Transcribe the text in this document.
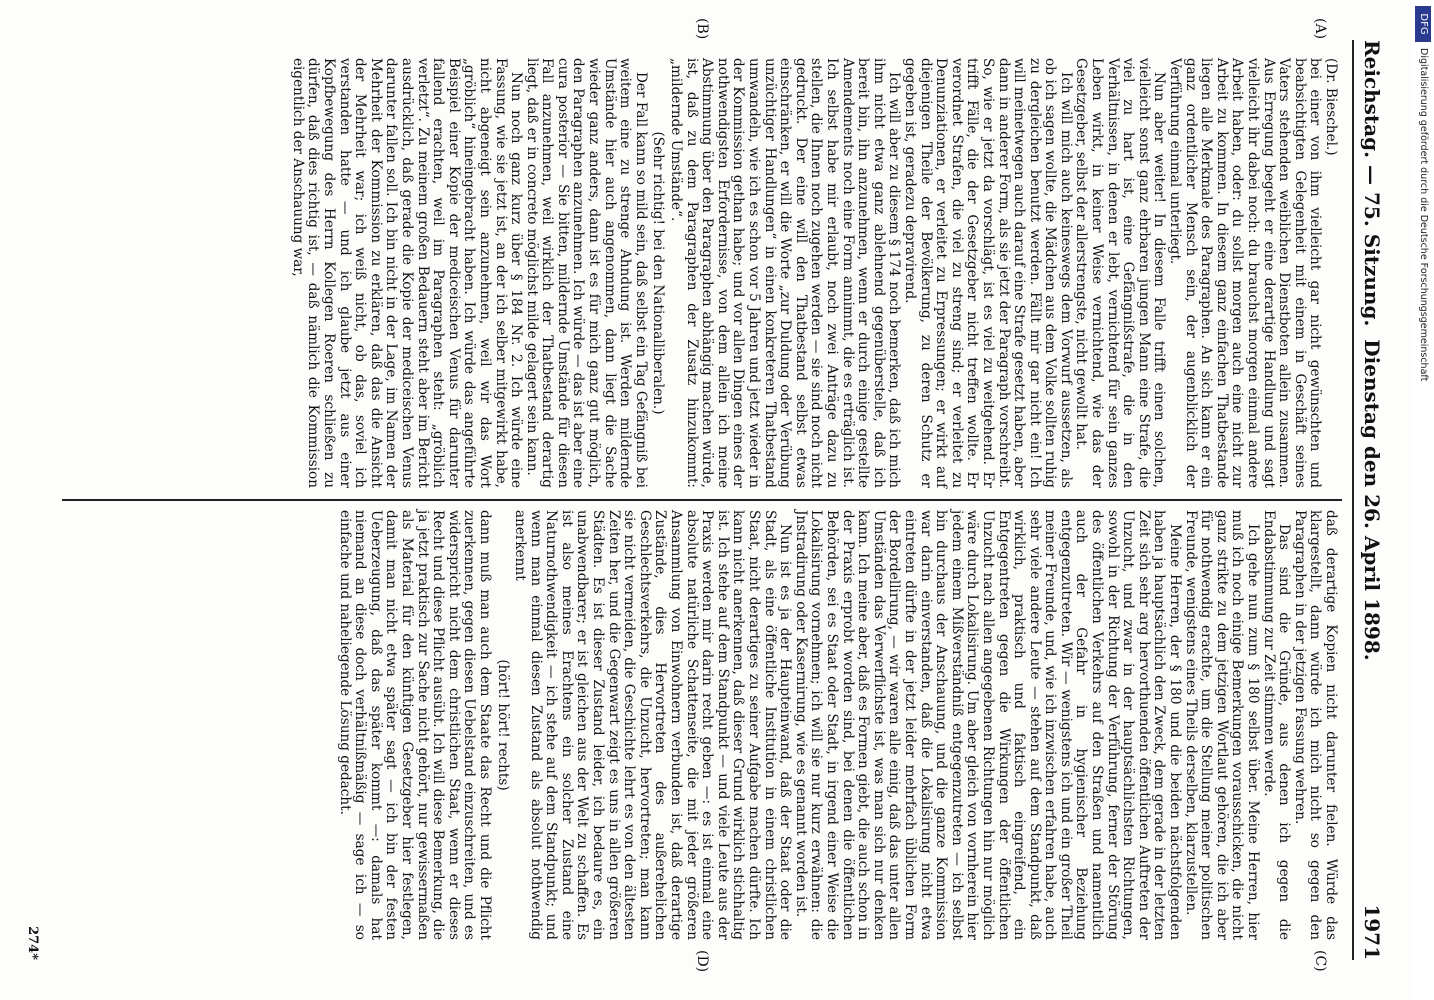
Reichstag. — 75. Sitzung.
Dienstag den 26. April 1898.
1971
(A)
(B)
(C)
(D)

(Dr. Bieschel.)

bei einer von ihm vielleicht gar nicht gewünschten und beabsichtigten Gelegenheit mit einem in Geschäft seines Vaters stehenden weiblichen Dienstboten allein zusammen. Aus Erregung begeht er eine derartige Handlung und sagt vielleicht ihr dabei noch: du brauchst morgen einmal andere Arbeit haben, oder: du sollst morgen auch eine nicht zur Arbeit zu kommen. In diesem ganz einfachen Thatbestande liegen alle Merkmale des Paragraphen. An sich kann er ein ganz ordentlicher Mensch sein, der augenblicklich der Verführung einmal unterliegt.

Nun aber weiter! In diesem Falle trifft einen solchen, vielleicht sonst ganz ehrbaren jungen Mann eine Strafe, die viel zu hart ist, eine Gefängnißstrafe, die in den Verhältnissen, in denen er lebt, vernichtend für sein ganzes Leben wirkt, in keiner Weise vernichtend, wie das der Gesetzgeber, selbst der allerstrengste, nicht gewollt hat.

Ich will mich auch keineswegs dem Vorwurf aussetzen, als ob ich sagen wollte, die Mädchen aus dem Volke sollten ruhig zu dergleichen benutzt werden. Fällt mir gar nicht ein! Ich will meinetwegen auch darauf eine Strafe gesetzt haben, aber dann in anderer Form, als sie jetzt der Paragraph vorschreibt. So, wie er jetzt da vorschlägt, ist es viel zu weitgehend. Er trifft Fälle, die der Gesetzgeber nicht treffen wollte. Er verordnet Strafen, die viel zu streng sind; er verleitet zu Denunziationen, er verleitet zu Erpressungen; er wirkt auf diejenigen Theile der Bevölkerung, zu deren Schutz er gegeben ist, geradezu depravirend.

Ich will aber zu diesem § 174 noch bemerken, daß ich mich ihm nicht etwa ganz ablehnend gegenüberstelle, daß ich bereit bin, ihn anzunehmen, wenn er durch einige gestellte Amendements noch eine Form annimmt, die es erträglich ist. Ich selbst habe mir erlaubt, noch zwei Anträge dazu zu stellen, die Ihnen noch zugehen werden — sie sind noch nicht gedruckt. Der eine will den Thatbestand selbst etwas einschränken, er will die Worte „zur Duldung oder Verübung unzüchtiger Handlungen“ in einen konkreteren Thatbestand umwandeln, wie ich es schon vor 5 Jahren und jetzt wieder in der Kommission gethan habe; und vor allen Dingen eines der nothwendigsten Erfordernisse, von dem allein ich meine Abstimmung über den Paragraphen abhängig machen würde, ist, daß zu dem Paragraphen der Zusatz hinzukommt: „mildernde Umstände“.

(Sehr richtig! bei den Nationalliberalen.)

Der Fall kann so mild sein, daß selbst ein Tag Gefängniß bei weitem eine zu strenge Ahndung ist. Werden mildernde Umstände hier auch angenommen, dann liegt die Sache wieder ganz anders, dann ist es für mich ganz gut möglich, den Paragraphen anzunehmen. Ich würde — das ist aber eine cura posterior — Sie bitten, mildernde Umstände für diesen Fall anzunehmen, weil wirklich der Thatbestand derartig liegt, daß er in concreto möglichst milde gelagert sein kann.

Nun noch ganz kurz über § 184 Nr. 2. Ich würde eine Fassung, wie sie jetzt ist, an der ich selber mitgewirkt habe, nicht abgeneigt sein anzunehmen, weil wir das Wort „gröblich“ hineingebracht haben. Ich würde das angeführte Beispiel einer Kopie der mediceischen Venus für darunter fallend erachten, weil im Paragraphen steht: „gröblich verletzt“. Zu meinem großen Bedauern steht aber im Bericht ausdrücklich, daß gerade die Kopie der mediceischen Venus darunter fallen soll. Ich bin nicht in der Lage, im Namen der Mehrheit der Kommission zu erklären, daß das die Ansicht der Mehrheit war; ich weiß nicht, ob das, soviel ich verstanden hatte — und ich glaube jetzt aus einer Kopfbewegung des Herrn Kollegen Roeren schließen zu dürfen, daß dies richtig ist, — daß nämlich die Kommission eigentlich der Anschauung war,

daß derartige Kopien nicht darunter fielen. Würde das klargestellt, dann würde ich mich nicht so gegen den Paragraphen in der jetzigen Fassung wehren.

Das sind die Gründe, aus denen ich gegen die Endabstimmung zur Zeit stimmen werde.

Ich gehe nun zum § 180 selbst über. Meine Herren, hier muß ich noch einige Bemerkungen vorausschicken, die nicht ganz strikte zu dem jetzigen Wortlaut gehören, die ich aber für nothwendig erachte, um die Stellung meiner politischen Freunde, wenigstens eines Theils derselben, klarzustellen.

Meine Herren, der § 180 und die beiden nächstfolgenden haben ja hauptsächlich den Zweck, dem gerade in der letzten Zeit sich sehr arg hervorthuenden öffentlichen Auftreten der Unzucht, und zwar in der hauptsächlichsten Richtungen, sowohl in der Richtung der Verführung, ferner der Störung des öffentlichen Verkehrs auf den Straßen und namentlich auch der Gefahr in hygienischer Beziehung entgegenzutreten. Wir — wenigstens ich und ein großer Theil meiner Freunde, und, wie ich inzwischen erfahren habe, auch sehr viele andere Leute — stehen auf dem Standpunkt, daß wirklich, praktisch und faktisch eingreifend, ein Entgegentreten gegen die Wirkungen der öffentlichen Unzucht nach allen angegebenen Richtungen hin nur möglich wäre durch Lokalisirung. Um aber gleich von vornherein hier jedem einem Mißverständniß entgegenzutreten — ich selbst bin durchaus der Anschauung, und die ganze Kommission war darin einverstanden, daß die Lokalisirung nicht etwa eintreten dürfte in der jetzt leider mehrfach üblichen Form der Bordellirung, — wir waren alle einig, daß das unter allen Umständen das Verwerflichste ist, was man sich nur denken kann. Ich meine aber, daß es Formen giebt, die auch schon in der Praxis erprobt worden sind, bei denen die öffentlichen Behörden, sei es Staat oder Stadt, in irgend einer Weise die Lokalisirung vornehmen; ich will sie nur kurz erwähnen: die Jnstradirung oder Kasernirung, wie es genannt worden ist.

Nun ist es ja der Haupteinwand, daß der Staat oder die Stadt, als eine öffentliche Institution in einem christlichen Staat, nicht derartiges zu seiner Aufgabe machen dürfte. Ich kann nicht anerkennen, daß dieser Grund wirklich stichhaltig ist. Ich stehe auf dem Standpunkt — und viele Leute aus der Praxis werden mir darin recht geben —: es ist einmal eine absolute natürliche Schattenseite, die mit jeder größeren Ansammlung von Einwohnern verbunden ist, daß derartige Zustände, dies Hervortreten des außerehelichen Geschlechtsverkehrs, die Unzucht, hervortreten; man kann sie nicht vermeiden, die Geschichte lehrt es von den ältesten Zeiten her, und die Gegenwart zeigt es uns in allen größeren Städten. Es ist dieser Zustand leider, ich bedaure es, ein unabwendbarer; er ist gleichen aus der Welt zu schaffen. Es ist also meines Erachtens ein solcher Zustand eine Naturnothwendigkeit — ich stehe auf dem Standpunkt; und wenn man einmal diesen Zustand als absolut nothwendig anerkennt

(hört! hört! rechts)

dann muß man auch dem Staate das Recht und die Pflicht zuerkennen, gegen diesen Uebelstand einzuschreiten, und es widerspricht nicht dem christlichen Staat, wenn er dieses Recht und diese Pflicht ausübt. Ich will diese Bemerkung, die ja jetzt praktisch zur Sache nicht gehört, nur gewissermaßen als Material für den künftigen Gesetzgeber hier festlegen, damit man nicht etwa später sagt — ich bin der festen Ueberzeugung, daß das später kommt —: damals hat niemand an diese doch verhältnißmäßig — sage ich — so einfache und naheliegende Lösung gedacht.

274*
DFG
Digitalisierung gefördert durch die Deutsche Forschungsgemeinschaft
